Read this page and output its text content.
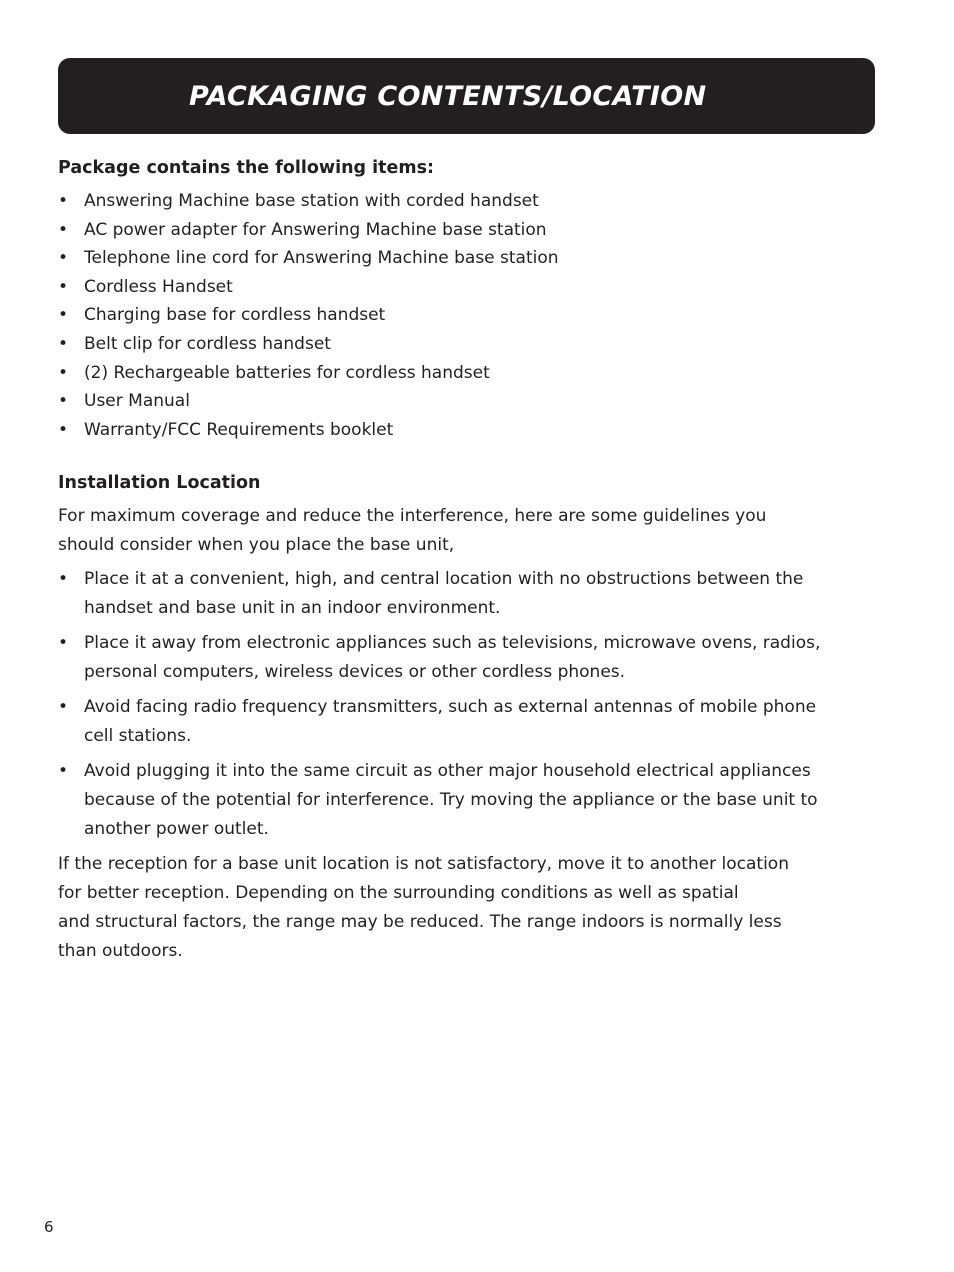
PACKAGING CONTENTS/LOCATION
Package contains the following items:
• Answering Machine base station with corded handset
• AC power adapter for Answering Machine base station
• Telephone line cord for Answering Machine base station
• Cordless Handset
• Charging base for cordless handset
• Belt clip for cordless handset
• (2) Rechargeable batteries for cordless handset
• User Manual
• Warranty/FCC Requirements booklet
Installation Location

For maximum coverage and reduce the interference, here are some guidelines you
should consider when you place the base unit,

• Place it at a convenient, high, and central location with no obstructions between the
handset and base unit in an indoor environment.
• Place it away from electronic appliances such as televisions, microwave ovens, radios,
personal computers, wireless devices or other cordless phones.
• Avoid facing radio frequency transmitters, such as external antennas of mobile phone
cell stations.
• Avoid plugging it into the same circuit as other major household electrical appliances
because of the potential for interference. Try moving the appliance or the base unit to
another power outlet.

If the reception for a base unit location is not satisfactory, move it to another location
for better reception. Depending on the surrounding conditions as well as spatial
and structural factors, the range may be reduced. The range indoors is normally less
than outdoors.

6
